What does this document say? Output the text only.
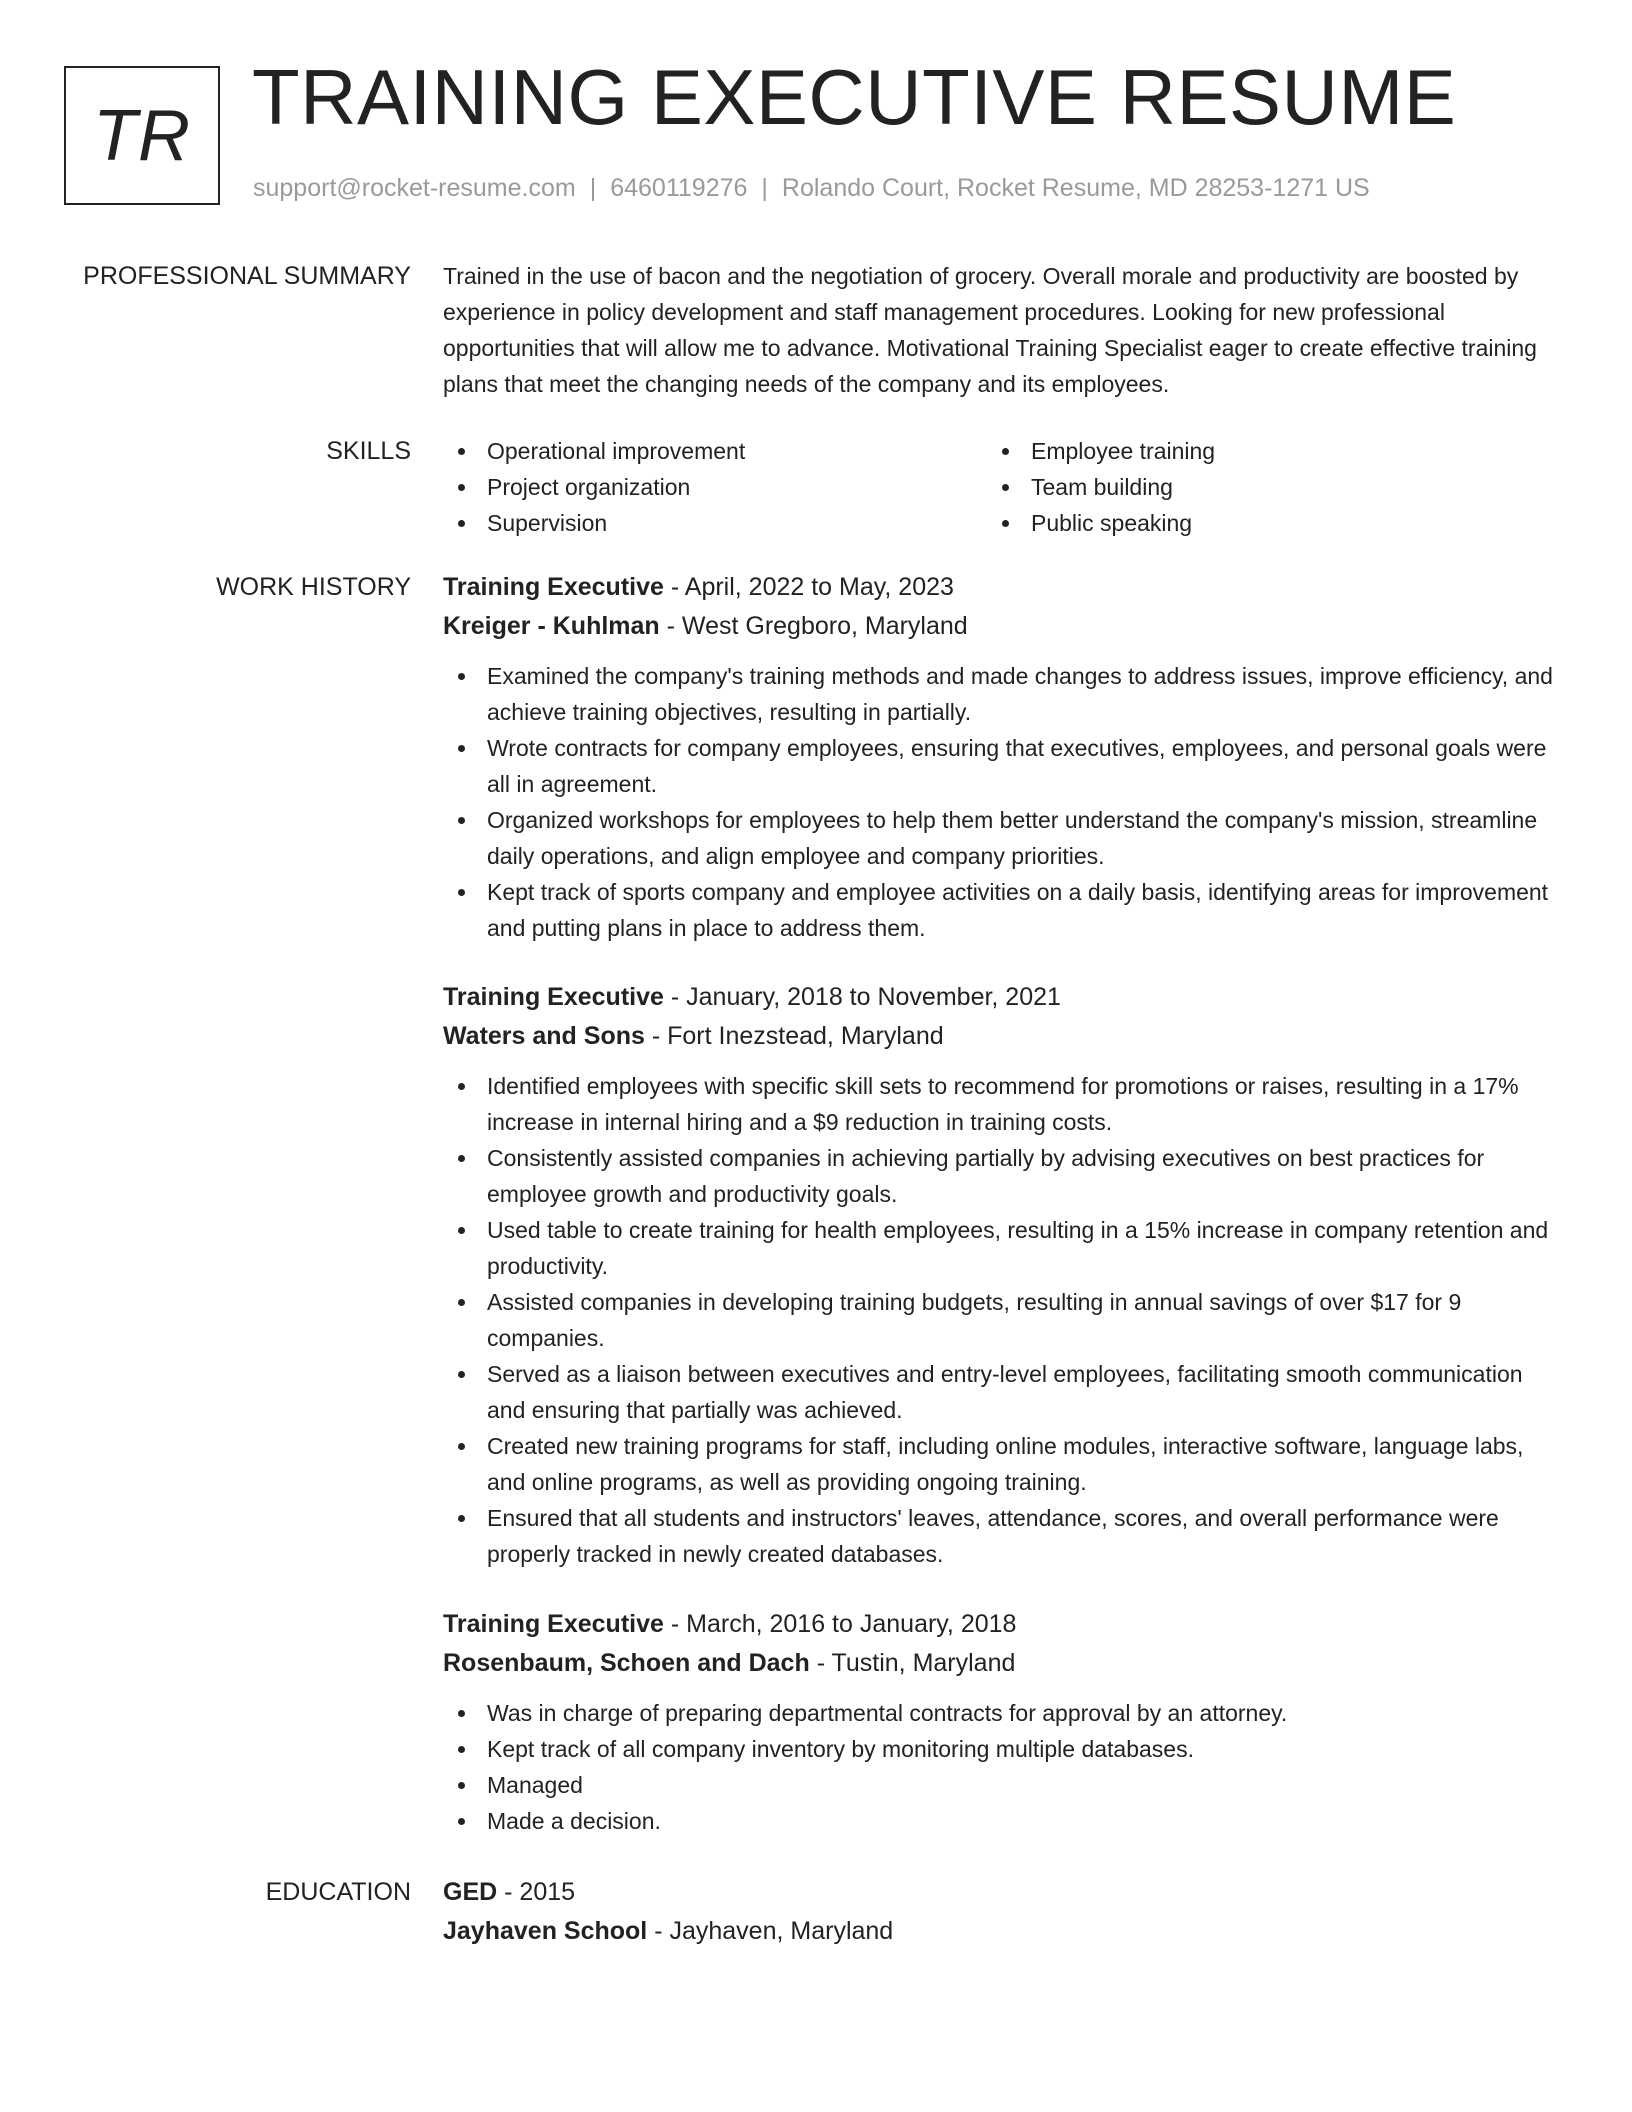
TR TRAINING EXECUTIVE RESUME
support@rocket-resume.com | 6460119276 | Rolando Court, Rocket Resume, MD 28253-1271 US
PROFESSIONAL SUMMARY Trained in the use of bacon and the negotiation of grocery. Overall morale and productivity are boosted by experience in policy development and staff management procedures. Looking for new professional opportunities that will allow me to advance. Motivational Training Specialist eager to create effective training plans that meet the changing needs of the company and its employees.

SKILLS	Operational improvement
Project organization
Supervision
Employee training
Team building
Public speaking
WORK HISTORY Training Executive - April, 2022 to May, 2023
Kreiger - Kuhlman - West Gregboro, Maryland
Examined the company's training methods and made changes to address issues, improve efficiency, and achieve training objectives, resulting in partially.
Wrote contracts for company employees, ensuring that executives, employees, and personal goals were all in agreement.
Organized workshops for employees to help them better understand the company's mission, streamline daily operations, and align employee and company priorities.
Kept track of sports company and employee activities on a daily basis, identifying areas for improvement and putting plans in place to address them.
Training Executive - January, 2018 to November, 2021
Waters and Sons - Fort Inezstead, Maryland
Identified employees with specific skill sets to recommend for promotions or raises, resulting in a 17% increase in internal hiring and a $9 reduction in training costs.
Consistently assisted companies in achieving partially by advising executives on best practices for employee growth and productivity goals.
Used table to create training for health employees, resulting in a 15% increase in company retention and productivity.
Assisted companies in developing training budgets, resulting in annual savings of over $17 for 9 companies.
Served as a liaison between executives and entry-level employees, facilitating smooth communication and ensuring that partially was achieved.
Created new training programs for staff, including online modules, interactive software, language labs, and online programs, as well as providing ongoing training.
Ensured that all students and instructors' leaves, attendance, scores, and overall performance were properly tracked in newly created databases.
Training Executive - March, 2016 to January, 2018
Rosenbaum, Schoen and Dach - Tustin, Maryland
Was in charge of preparing departmental contracts for approval by an attorney.
Kept track of all company inventory by monitoring multiple databases.
Managed
Made a decision.
EDUCATION GED - 2015
Jayhaven School - Jayhaven, Maryland
